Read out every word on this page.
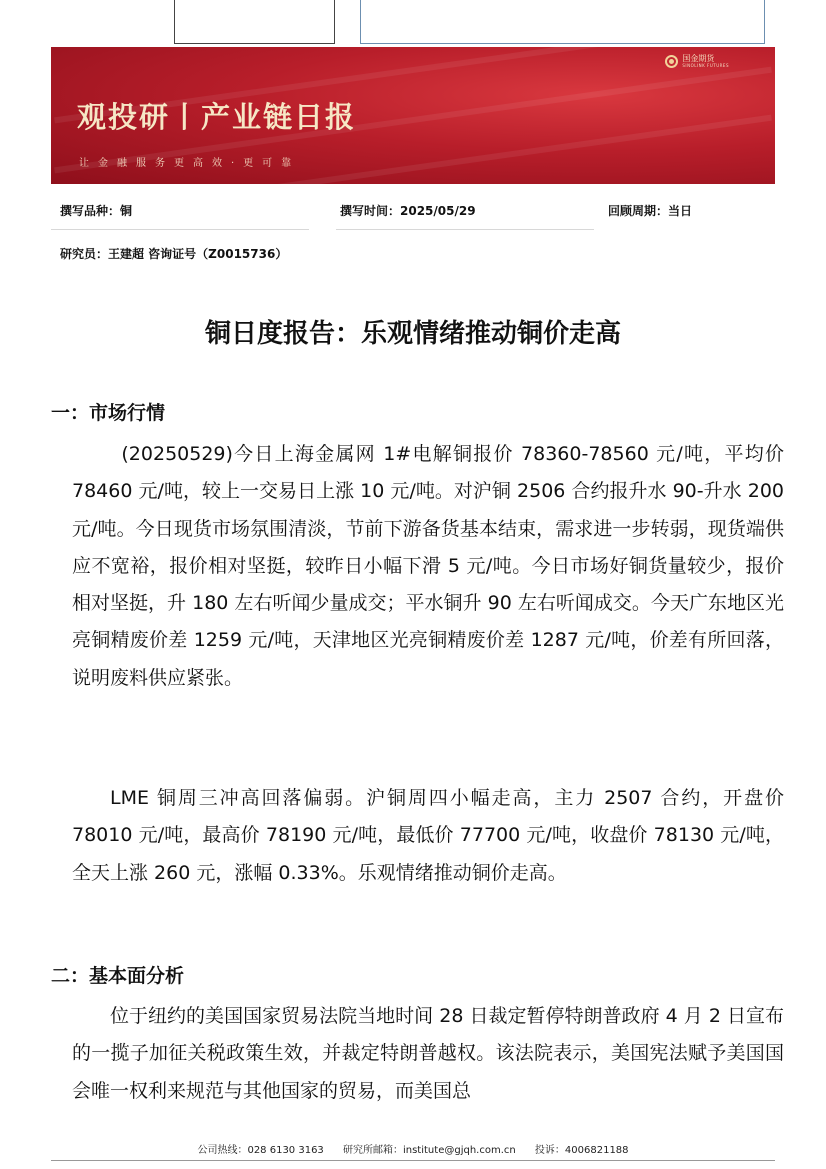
国金期货
SINOLINK FUTURES
观投研丨产业链日报
让金融服务更高效·更可靠
撰写品种：铜	撰写时间：2025/05/29	回顾周期：当日
研究员：王建超 咨询证号（Z0015736）
铜日度报告：乐观情绪推动铜价走高
一：市场行情
(20250529)今日上海金属网 1#电解铜报价 78360-78560 元/吨，平均价 78460 元/吨，较上一交易日上涨 10 元/吨。对沪铜 2506 合约报升水 90-升水 200 元/吨。今日现货市场氛围清淡，节前下游备货基本结束，需求进一步转弱，现货端供应不宽裕，报价相对坚挺，较昨日小幅下滑 5 元/吨。今日市场好铜货量较少，报价相对坚挺，升 180 左右听闻少量成交；平水铜升 90 左右听闻成交。今天广东地区光亮铜精废价差 1259 元/吨，天津地区光亮铜精废价差 1287 元/吨，价差有所回落，说明废料供应紧张。
LME 铜周三冲高回落偏弱。沪铜周四小幅走高，主力 2507 合约，开盘价 78010 元/吨，最高价 78190 元/吨，最低价 77700 元/吨，收盘价 78130 元/吨，全天上涨 260 元，涨幅 0.33%。乐观情绪推动铜价走高。
二：基本面分析
位于纽约的美国国家贸易法院当地时间 28 日裁定暂停特朗普政府 4 月 2 日宣布的一揽子加征关税政策生效，并裁定特朗普越权。该法院表示，美国宪法赋予美国国会唯一权利来规范与其他国家的贸易，而美国总
公司热线：028 6130 3163 研究所邮箱：institute@gjqh.com.cn 投诉：4006821188
